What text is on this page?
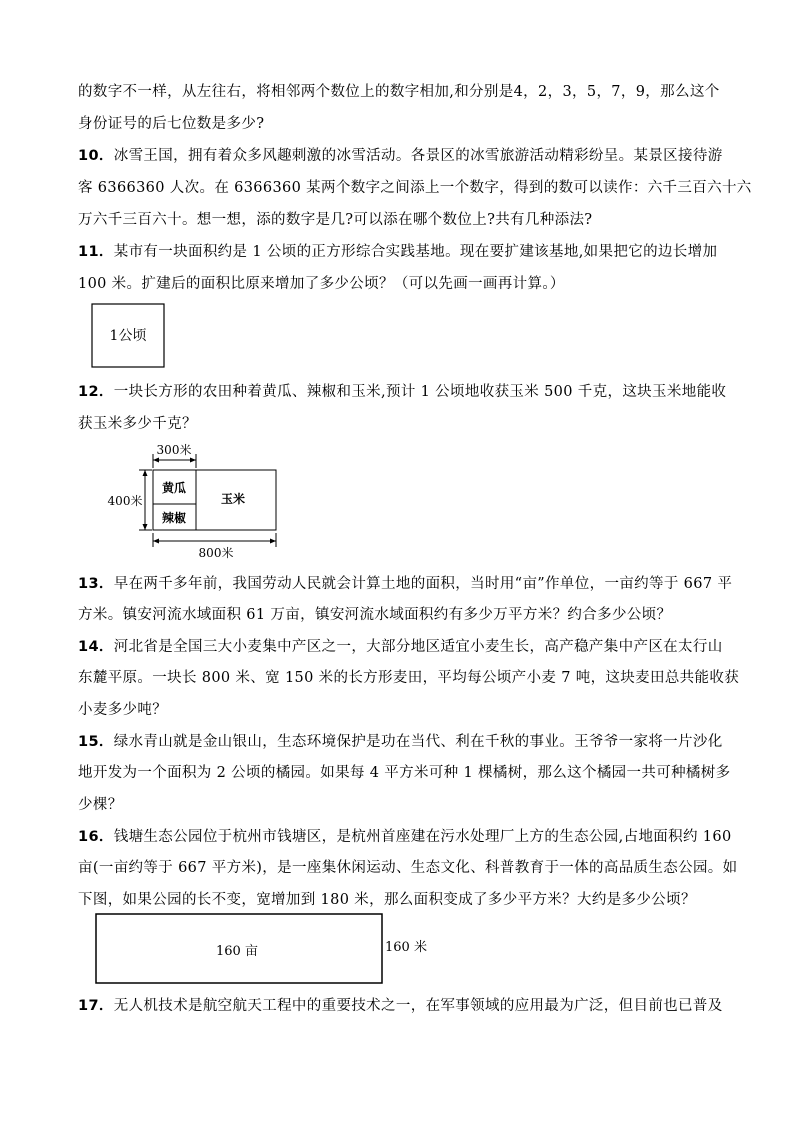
的数字不一样，从左往右，将相邻两个数位上的数字相加,和分别是4，2，3，5，7，9，那么这个
身份证号的后七位数是多少?
10．冰雪王国，拥有着众多风趣刺激的冰雪活动。各景区的冰雪旅游活动精彩纷呈。某景区接待游
客 6366360 人次。在 6366360 某两个数字之间添上一个数字，得到的数可以读作：六千三百六十六
万六千三百六十。想一想，添的数字是几?可以添在哪个数位上?共有几种添法?
11．某市有一块面积约是 1 公顷的正方形综合实践基地。现在要扩建该基地,如果把它的边长增加
100 米。扩建后的面积比原来增加了多少公顷？（可以先画一画再计算。）
1公顷
12．一块长方形的农田种着黄瓜、辣椒和玉米,预计 1 公顷地收获玉米 500 千克，这块玉米地能收
获玉米多少千克？
300米
400米
黄瓜
辣椒
玉米
800米
13．早在两千多年前，我国劳动人民就会计算土地的面积，当时用“亩”作单位，一亩约等于 667 平
方米。镇安河流水域面积 61 万亩，镇安河流水域面积约有多少万平方米？约合多少公顷？
14．河北省是全国三大小麦集中产区之一，大部分地区适宜小麦生长，高产稳产集中产区在太行山
东麓平原。一块长 800 米、宽 150 米的长方形麦田，平均每公顷产小麦 7 吨，这块麦田总共能收获
小麦多少吨？
15．绿水青山就是金山银山，生态环境保护是功在当代、利在千秋的事业。王爷爷一家将一片沙化
地开发为一个面积为 2 公顷的橘园。如果每 4 平方米可种 1 棵橘树，那么这个橘园一共可种橘树多
少棵？
16．钱塘生态公园位于杭州市钱塘区，是杭州首座建在污水处理厂上方的生态公园,占地面积约 160
亩(一亩约等于 667 平方米)，是一座集休闲运动、生态文化、科普教育于一体的高品质生态公园。如
下图，如果公园的长不变，宽增加到 180 米，那么面积变成了多少平方米？大约是多少公顷？
160 亩	160 米
17．无人机技术是航空航天工程中的重要技术之一，在军事领域的应用最为广泛，但目前也已普及
